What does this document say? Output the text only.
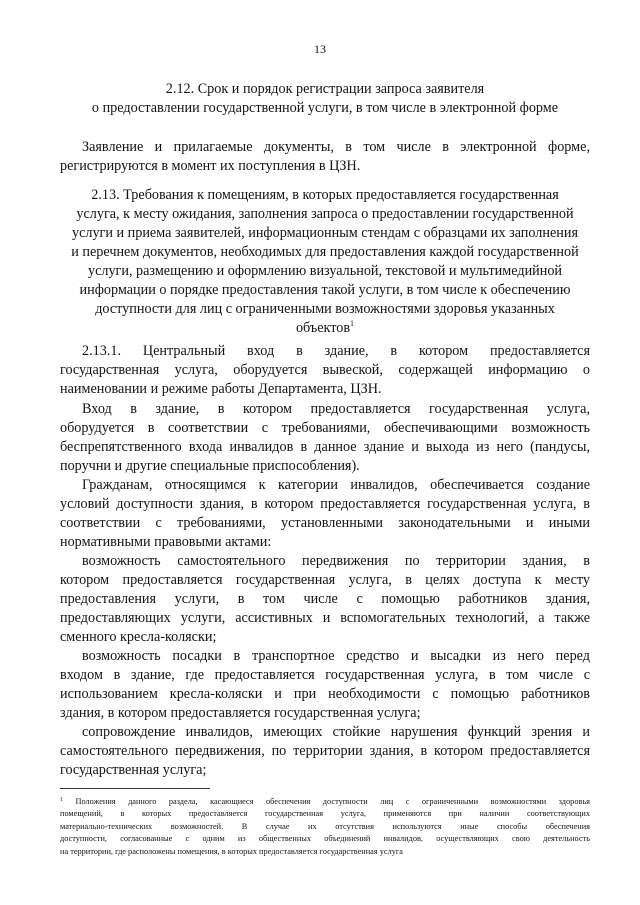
13
2.12. Срок и порядок регистрации запроса заявителя
о предоставлении государственной услуги, в том числе в электронной форме
Заявление и прилагаемые документы, в том числе в электронной форме,
регистрируются в момент их поступления в ЦЗН.
2.13. Требования к помещениям, в которых предоставляется государственная
услуга, к месту ожидания, заполнения запроса о предоставлении государственной
услуги и приема заявителей, информационным стендам с образцами их заполнения
и перечнем документов, необходимых для предоставления каждой государственной
услуги, размещению и оформлению визуальной, текстовой и мультимедийной
информации о порядке предоставления такой услуги, в том числе к обеспечению
доступности для лиц с ограниченными возможностями здоровья указанных
объектов$^1$
2.13.1. Центральный вход в здание, в котором предоставляется
государственная услуга, оборудуется вывеской, содержащей информацию о
наименовании и режиме работы Департамента, ЦЗН.
Вход в здание, в котором предоставляется государственная услуга,
оборудуется в соответствии с требованиями, обеспечивающими возможность
беспрепятственного входа инвалидов в данное здание и выхода из него (пандусы,
поручни и другие специальные приспособления).
Гражданам, относящимся к категории инвалидов, обеспечивается создание
условий доступности здания, в котором предоставляется государственная услуга, в
соответствии с требованиями, установленными законодательными и иными
нормативными правовыми актами:
возможность самостоятельного передвижения по территории здания, в
котором предоставляется государственная услуга, в целях доступа к месту
предоставления услуги, в том числе с помощью работников здания,
предоставляющих услуги, ассистивных и вспомогательных технологий, а также
сменного кресла-коляски;
возможность посадки в транспортное средство и высадки из него перед
входом в здание, где предоставляется государственная услуга, в том числе с
использованием кресла-коляски и при необходимости с помощью работников
здания, в котором предоставляется государственная услуга;
сопровождение инвалидов, имеющих стойкие нарушения функций зрения и
самостоятельного передвижения, по территории здания, в котором предоставляется
государственная услуга;
$^1$ Положения данного раздела, касающиеся обеспечения доступности лиц с ограниченными возможностями здоровья
помещений, в которых предоставляется государственная услуга, применяются при наличии соответствующих
материально-технических возможностей. В случае их отсутствия используются иные способы обеспечения
доступности, согласованные с одним из общественных объединений инвалидов, осуществляющих свою деятельность
на территории, где расположены помещения, в которых предоставляется государственная услуга
